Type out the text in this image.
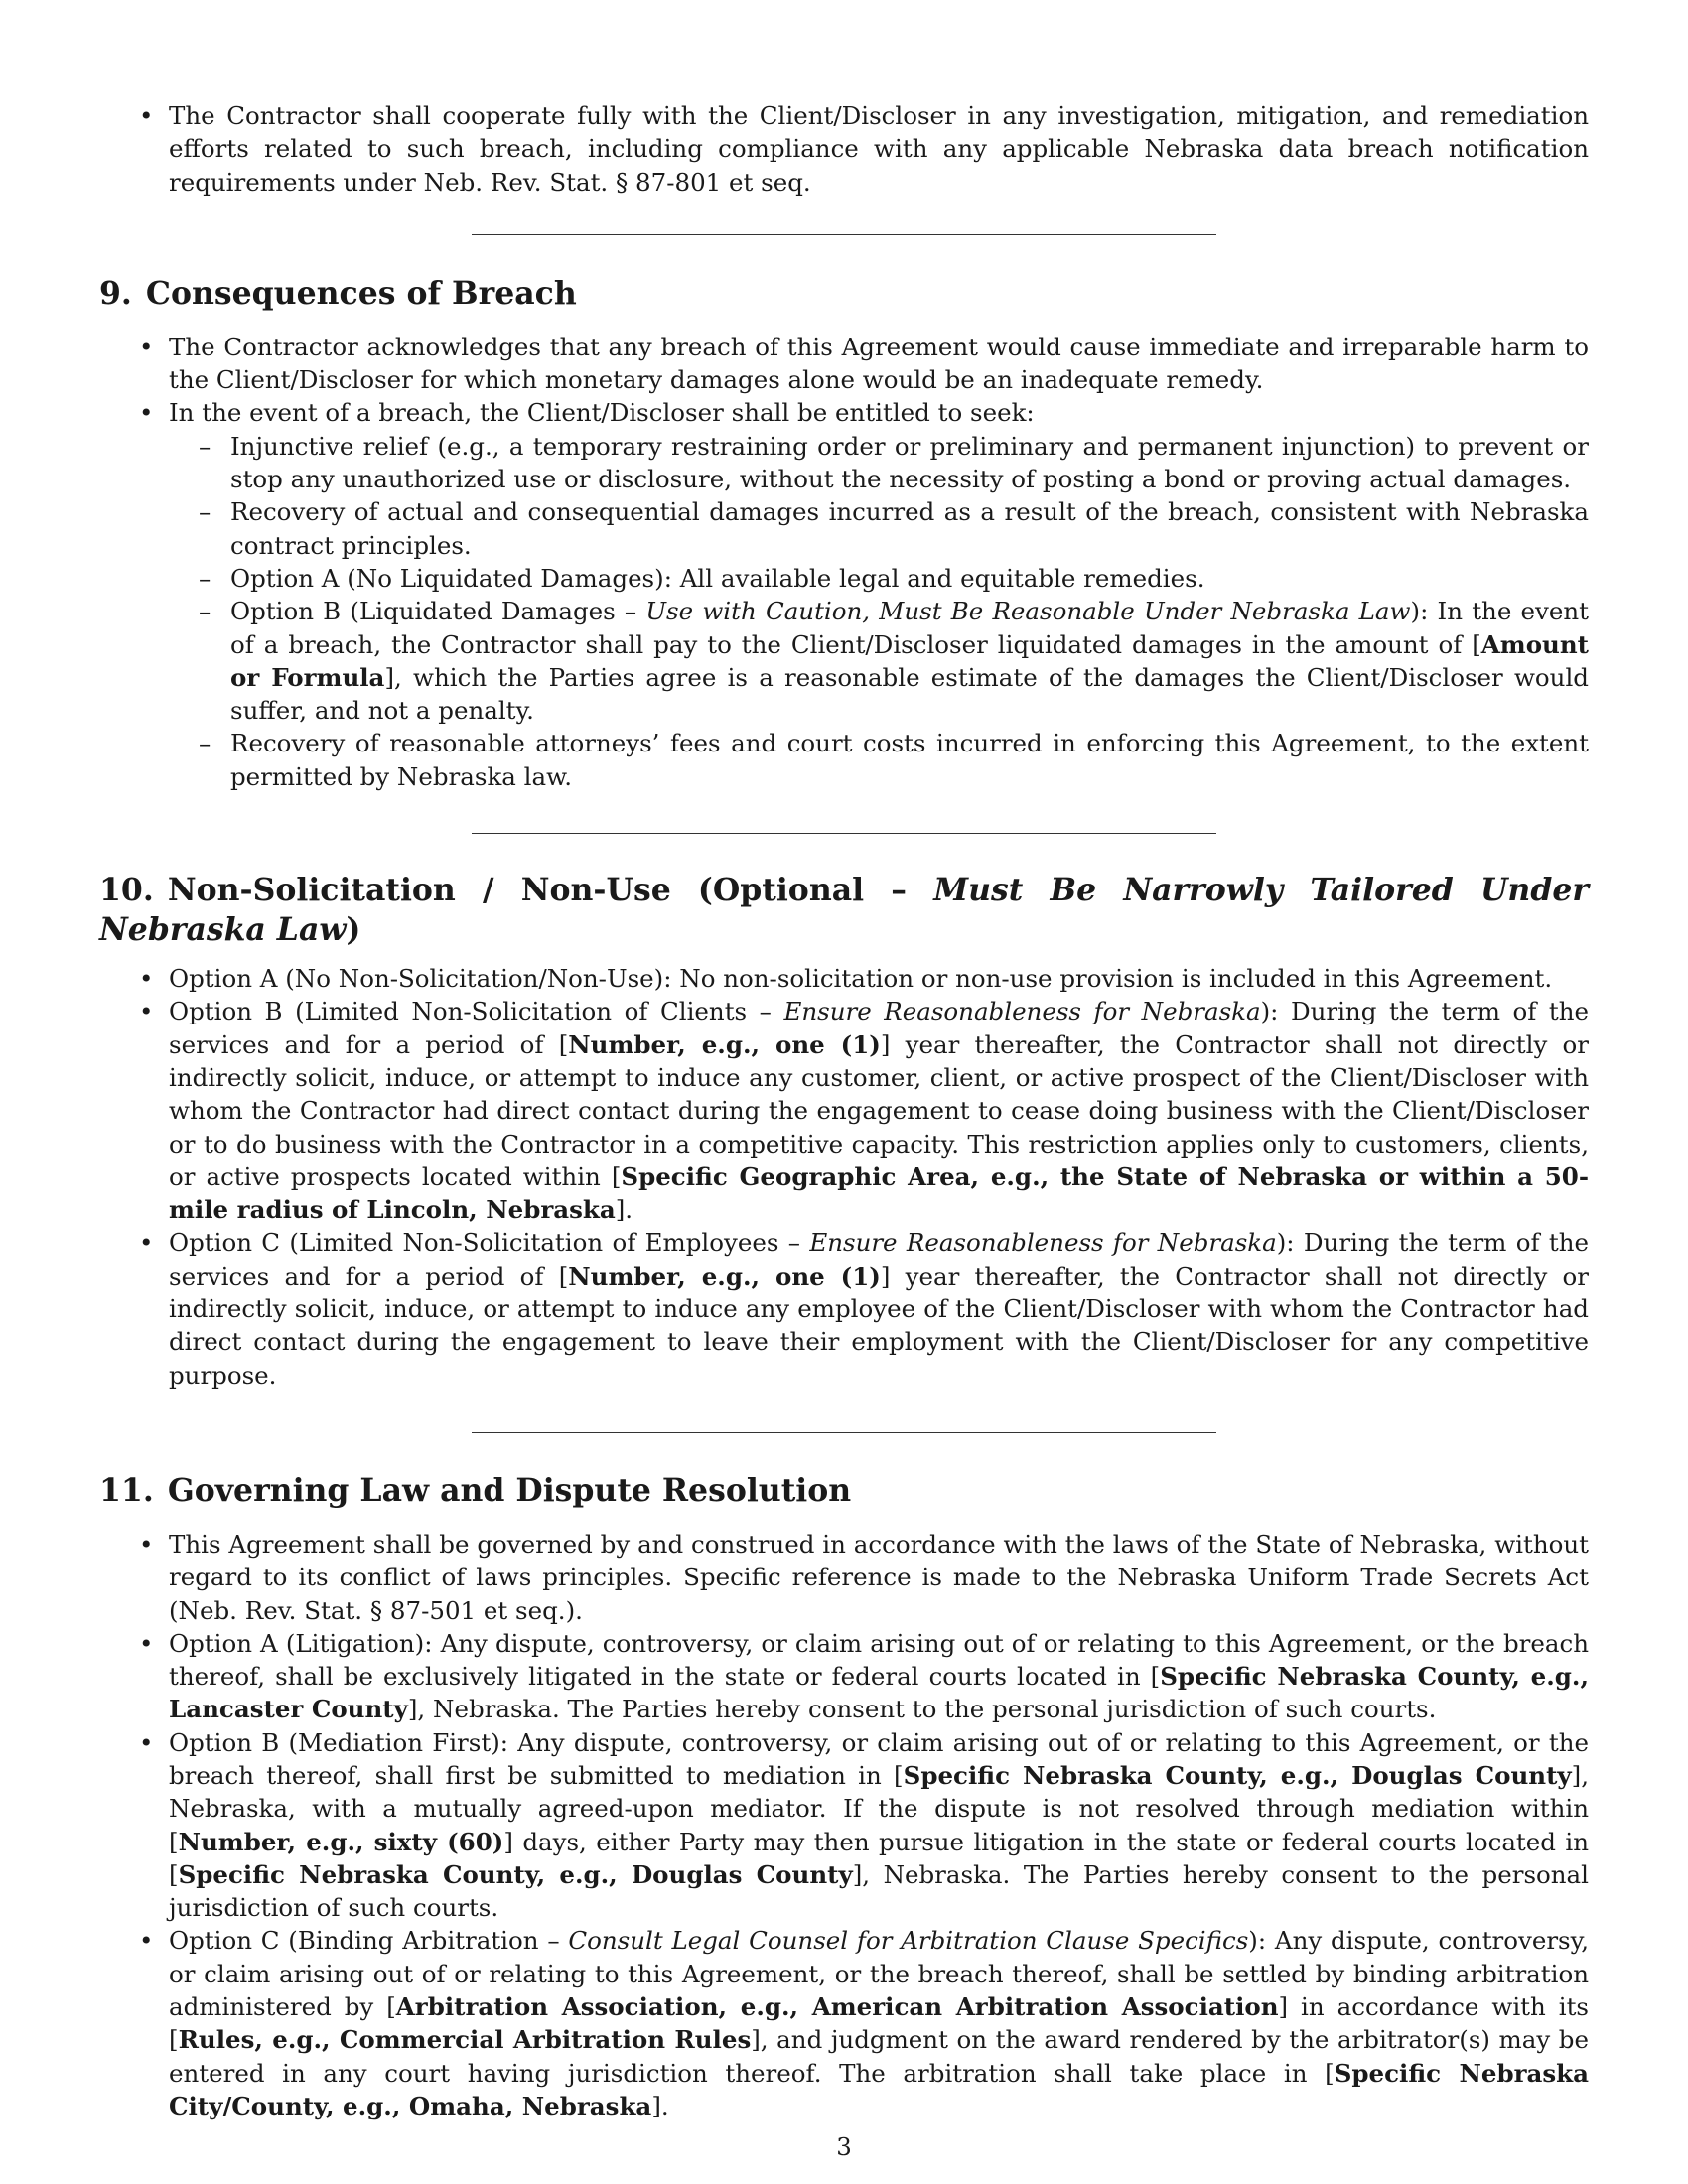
• The Contractor shall cooperate fully with the Client/Discloser in any investigation, mitigation, and remediation efforts related to such breach, including compliance with any applicable Nebraska data breach notification requirements under Neb. Rev. Stat. § 87-801 et seq.
9. Consequences of Breach
• The Contractor acknowledges that any breach of this Agreement would cause immediate and irreparable harm to the Client/Discloser for which monetary damages alone would be an inadequate remedy.
• In the event of a breach, the Client/Discloser shall be entitled to seek:
– Injunctive relief (e.g., a temporary restraining order or preliminary and permanent injunction) to prevent or stop any unauthorized use or disclosure, without the necessity of posting a bond or proving actual damages.
– Recovery of actual and consequential damages incurred as a result of the breach, consistent with Nebraska contract principles.
– Option A (No Liquidated Damages): All available legal and equitable remedies.
– Option B (Liquidated Damages – Use with Caution, Must Be Reasonable Under Nebraska Law): In the event of a breach, the Contractor shall pay to the Client/Discloser liquidated damages in the amount of [Amount or Formula], which the Parties agree is a reasonable estimate of the damages the Client/Discloser would suffer, and not a penalty.
– Recovery of reasonable attorneys’ fees and court costs incurred in enforcing this Agreement, to the extent permitted by Nebraska law.
10. Non-Solicitation / Non-Use (Optional – Must Be Narrowly Tailored Under Nebraska Law)
• Option A (No Non-Solicitation/Non-Use): No non-solicitation or non-use provision is included in this Agreement.
• Option B (Limited Non-Solicitation of Clients – Ensure Reasonableness for Nebraska): During the term of the services and for a period of [Number, e.g., one (1)] year thereafter, the Contractor shall not directly or indirectly solicit, induce, or attempt to induce any customer, client, or active prospect of the Client/Discloser with whom the Contractor had direct contact during the engagement to cease doing business with the Client/Discloser or to do business with the Contractor in a competitive capacity. This restriction applies only to customers, clients, or active prospects located within [Specific Geographic Area, e.g., the State of Nebraska or within a 50-mile radius of Lincoln, Nebraska].
• Option C (Limited Non-Solicitation of Employees – Ensure Reasonableness for Nebraska): During the term of the services and for a period of [Number, e.g., one (1)] year thereafter, the Contractor shall not directly or indirectly solicit, induce, or attempt to induce any employee of the Client/Discloser with whom the Contractor had direct contact during the engagement to leave their employment with the Client/Discloser for any competitive purpose.
11. Governing Law and Dispute Resolution
• This Agreement shall be governed by and construed in accordance with the laws of the State of Nebraska, without regard to its conflict of laws principles. Specific reference is made to the Nebraska Uniform Trade Secrets Act (Neb. Rev. Stat. § 87-501 et seq.).
• Option A (Litigation): Any dispute, controversy, or claim arising out of or relating to this Agreement, or the breach thereof, shall be exclusively litigated in the state or federal courts located in [Specific Nebraska County, e.g., Lancaster County], Nebraska. The Parties hereby consent to the personal jurisdiction of such courts.
• Option B (Mediation First): Any dispute, controversy, or claim arising out of or relating to this Agreement, or the breach thereof, shall first be submitted to mediation in [Specific Nebraska County, e.g., Douglas County], Nebraska, with a mutually agreed-upon mediator. If the dispute is not resolved through mediation within [Number, e.g., sixty (60)] days, either Party may then pursue litigation in the state or federal courts located in [Specific Nebraska County, e.g., Douglas County], Nebraska. The Parties hereby consent to the personal jurisdiction of such courts.
• Option C (Binding Arbitration – Consult Legal Counsel for Arbitration Clause Specifics): Any dispute, controversy, or claim arising out of or relating to this Agreement, or the breach thereof, shall be settled by binding arbitration administered by [Arbitration Association, e.g., American Arbitration Association] in accordance with its [Rules, e.g., Commercial Arbitration Rules], and judgment on the award rendered by the arbitrator(s) may be entered in any court having jurisdiction thereof. The arbitration shall take place in [Specific Nebraska City/County, e.g., Omaha, Nebraska].
3
